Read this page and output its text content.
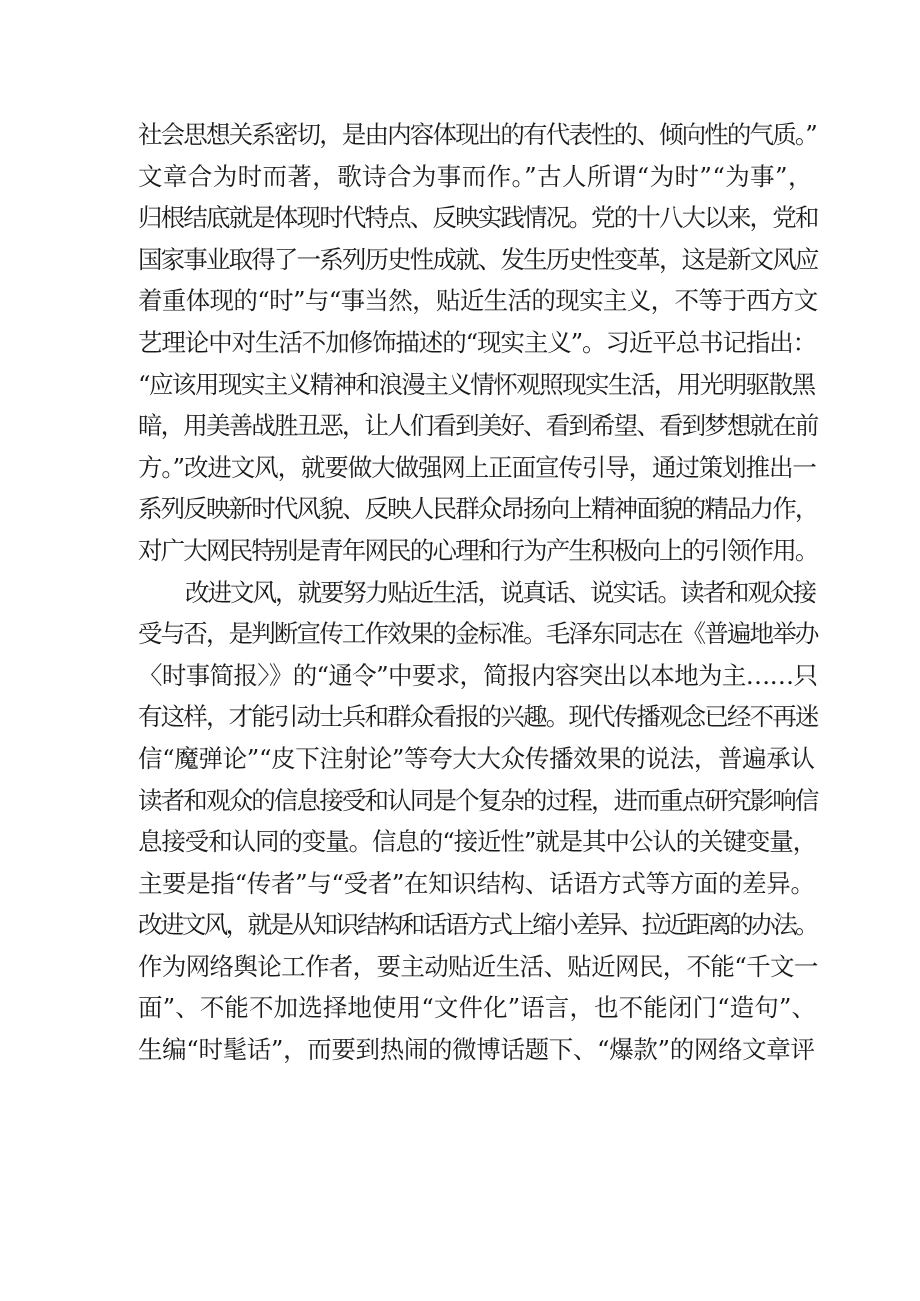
社会思想关系密切，是由内容体现出的有代表性的、倾向性的气质。”
文章合为时而著，歌诗合为事而作。”古人所谓“为时”“为事”，
归根结底就是体现时代特点、反映实践情况。党的十八大以来，党和
国家事业取得了一系列历史性成就、发生历史性变革，这是新文风应
着重体现的“时”与“事当然，贴近生活的现实主义，不等于西方文
艺理论中对生活不加修饰描述的“现实主义”。习近平总书记指出：
“应该用现实主义精神和浪漫主义情怀观照现实生活，用光明驱散黑
暗，用美善战胜丑恶，让人们看到美好、看到希望、看到梦想就在前
方。”改进文风，就要做大做强网上正面宣传引导，通过策划推出一
系列反映新时代风貌、反映人民群众昂扬向上精神面貌的精品力作，
对广大网民特别是青年网民的心理和行为产生积极向上的引领作用。
改进文风，就要努力贴近生活，说真话、说实话。读者和观众接
受与否，是判断宣传工作效果的金标准。毛泽东同志在《普遍地举办
〈时事简报〉》的“通令”中要求，简报内容突出以本地为主……只
有这样，才能引动士兵和群众看报的兴趣。现代传播观念已经不再迷
信“魔弹论”“皮下注射论”等夸大大众传播效果的说法，普遍承认
读者和观众的信息接受和认同是个复杂的过程，进而重点研究影响信
息接受和认同的变量。信息的“接近性”就是其中公认的关键变量，
主要是指“传者”与“受者”在知识结构、话语方式等方面的差异。
改进文风，就是从知识结构和话语方式上缩小差异、拉近距离的办法。
作为网络舆论工作者，要主动贴近生活、贴近网民，不能“千文一
面”、不能不加选择地使用“文件化”语言，也不能闭门“造句”、
生编“时髦话”，而要到热闹的微博话题下、“爆款”的网络文章评
